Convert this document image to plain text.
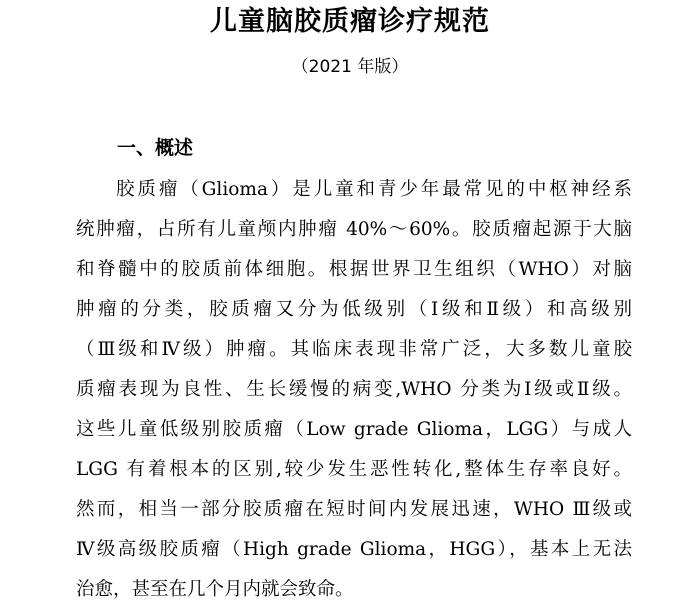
儿童脑胶质瘤诊疗规范
（2021 年版）
一、概述
胶质瘤（Glioma）是儿童和青少年最常见的中枢神经系
统肿瘤，占所有儿童颅内肿瘤 40%～60%。胶质瘤起源于大脑
和脊髓中的胶质前体细胞。根据世界卫生组织（WHO）对脑
肿瘤的分类，胶质瘤又分为低级别（Ⅰ级和Ⅱ级）和高级别
（Ⅲ级和Ⅳ级）肿瘤。其临床表现非常广泛，大多数儿童胶
质瘤表现为良性、生长缓慢的病变,WHO 分类为Ⅰ级或Ⅱ级。
这些儿童低级别胶质瘤（Low grade Glioma，LGG）与成人
LGG 有着根本的区别,较少发生恶性转化,整体生存率良好。
然而，相当一部分胶质瘤在短时间内发展迅速，WHO Ⅲ级或
Ⅳ级高级胶质瘤（High grade Glioma，HGG），基本上无法
治愈，甚至在几个月内就会致命。
